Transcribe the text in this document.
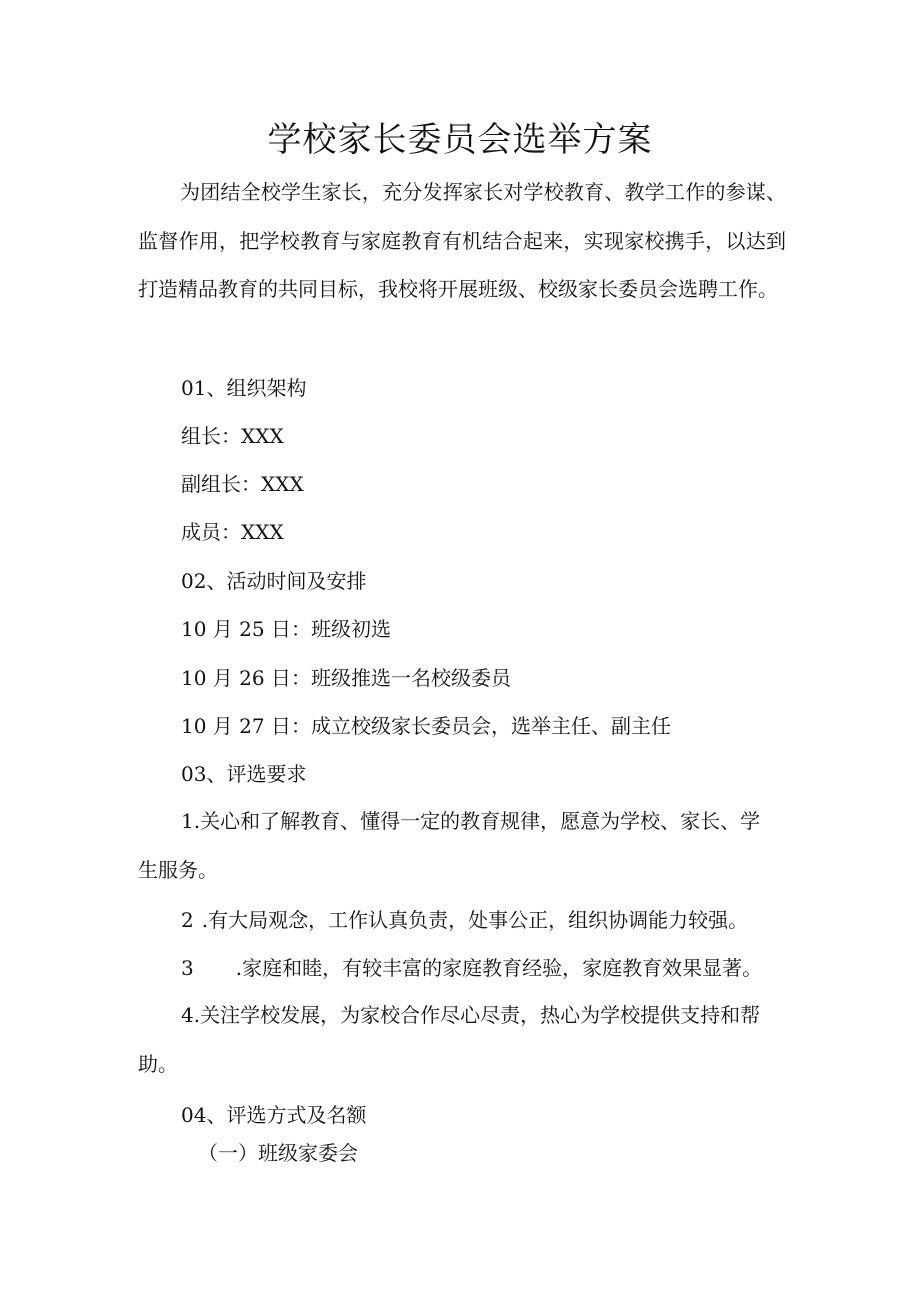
学校家长委员会选举方案

为团结全校学生家长，充分发挥家长对学校教育、教学工作的参谋、监督作用，把学校教育与家庭教育有机结合起来，实现家校携手，以达到打造精品教育的共同目标，我校将开展班级、校级家长委员会选聘工作。

01、组织架构

组长：XXX

副组长：XXX

成员：XXX

02、活动时间及安排

10 月 25 日：班级初选

10 月 26 日：班级推选一名校级委员

10 月 27 日：成立校级家长委员会，选举主任、副主任

03、评选要求

1.关心和了解教育、懂得一定的教育规律，愿意为学校、家长、学生服务。

2 .有大局观念，工作认真负责，处事公正，组织协调能力较强。

3 .家庭和睦，有较丰富的家庭教育经验，家庭教育效果显著。

4.关注学校发展，为家校合作尽心尽责，热心为学校提供支持和帮助。

04、评选方式及名额

（一）班级家委会
